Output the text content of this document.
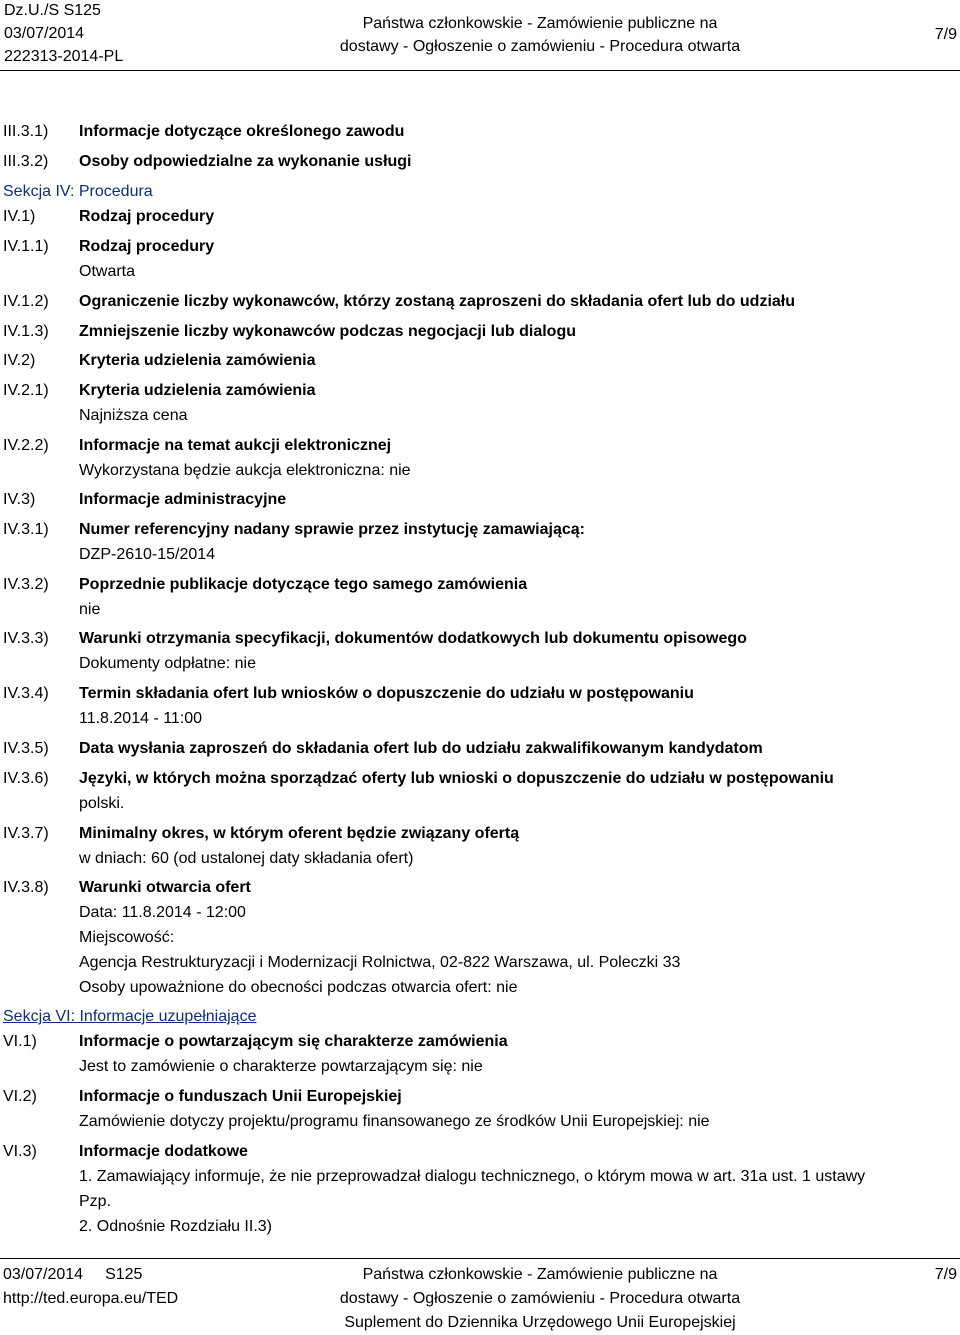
Dz.U./S S125
03/07/2014
222313-2014-PL
Państwa członkowskie - Zamówienie publiczne na
dostawy - Ogłoszenie o zamówieniu - Procedura otwarta
7/9
III.3.1) Informacje dotyczące określonego zawodu
III.3.2) Osoby odpowiedzialne za wykonanie usługi
Sekcja IV: Procedura
IV.1)	Rodzaj procedury
IV.1.1) Rodzaj procedury
Otwarta
IV.1.2) Ograniczenie liczby wykonawców, którzy zostaną zaproszeni do składania ofert lub do udziału
IV.1.3) Zmniejszenie liczby wykonawców podczas negocjacji lub dialogu
IV.2)	Kryteria udzielenia zamówienia
IV.2.1) Kryteria udzielenia zamówienia
Najniższa cena
IV.2.2) Informacje na temat aukcji elektronicznej
Wykorzystana będzie aukcja elektroniczna: nie
IV.3)	Informacje administracyjne
IV.3.1) Numer referencyjny nadany sprawie przez instytucję zamawiającą:
DZP-2610-15/2014
IV.3.2) Poprzednie publikacje dotyczące tego samego zamówienia
nie
IV.3.3) Warunki otrzymania specyfikacji, dokumentów dodatkowych lub dokumentu opisowego
Dokumenty odpłatne: nie
IV.3.4) Termin składania ofert lub wniosków o dopuszczenie do udziału w postępowaniu
11.8.2014 - 11:00
IV.3.5) Data wysłania zaproszeń do składania ofert lub do udziału zakwalifikowanym kandydatom
IV.3.6) Języki, w których można sporządzać oferty lub wnioski o dopuszczenie do udziału w postępowaniu
polski.
IV.3.7) Minimalny okres, w którym oferent będzie związany ofertą
w dniach: 60 (od ustalonej daty składania ofert)
IV.3.8) Warunki otwarcia ofert
Data: 11.8.2014 - 12:00
Miejscowość:
Agencja Restrukturyzacji i Modernizacji Rolnictwa, 02-822 Warszawa, ul. Poleczki 33
Osoby upoważnione do obecności podczas otwarcia ofert: nie
Sekcja VI: Informacje uzupełniające
VI.1)	Informacje o powtarzającym się charakterze zamówienia
Jest to zamówienie o charakterze powtarzającym się: nie
VI.2)	Informacje o funduszach Unii Europejskiej
Zamówienie dotyczy projektu/programu finansowanego ze środków Unii Europejskiej: nie
VI.3)	Informacje dodatkowe
1. Zamawiający informuje, że nie przeprowadzał dialogu technicznego, o którym mowa w art. 31a ust. 1 ustawy
Pzp.
2. Odnośnie Rozdziału II.3)
03/07/2014 S125
http://ted.europa.eu/TED
Państwa członkowskie - Zamówienie publiczne na
dostawy - Ogłoszenie o zamówieniu - Procedura otwarta
Suplement do Dziennika Urzędowego Unii Europejskiej
7/9
